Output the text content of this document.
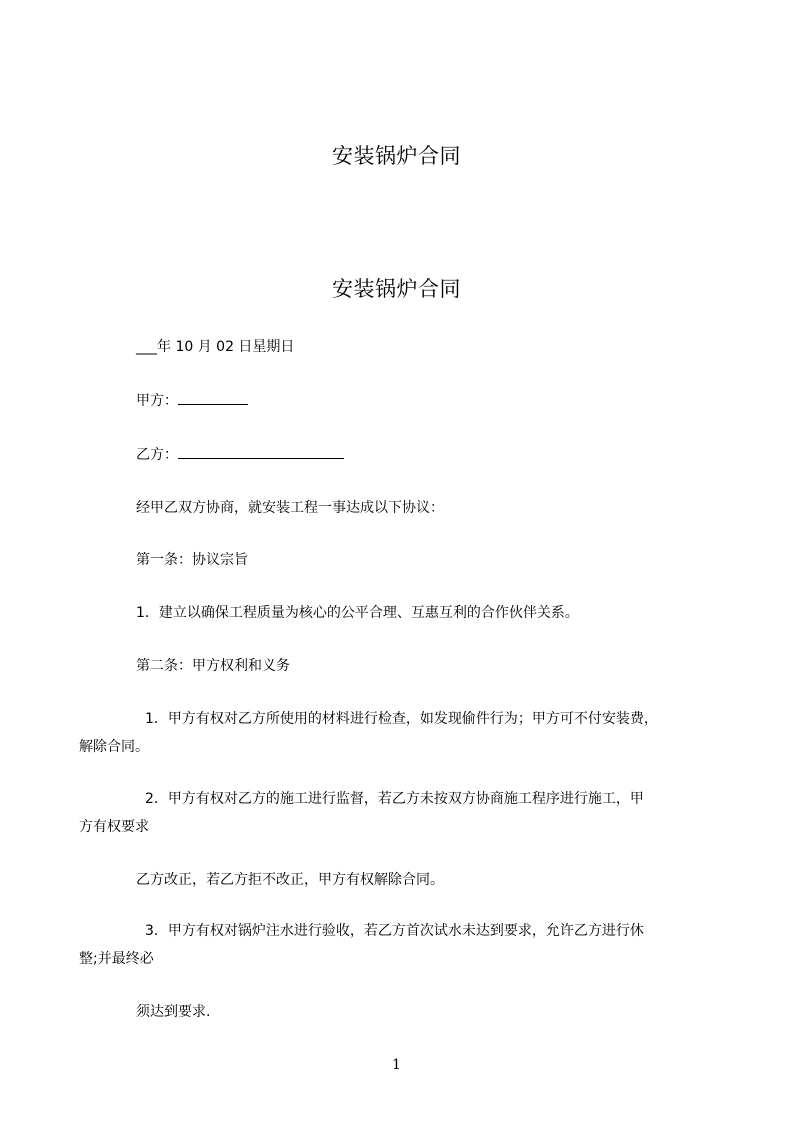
安装锅炉合同
安装锅炉合同
___年 10 月 02 日星期日
甲方：
乙方：
经甲乙双方协商，就安装工程一事达成以下协议：
第一条：协议宗旨
1．建立以确保工程质量为核心的公平合理、互惠互利的合作伙伴关系。
第二条：甲方权利和义务
1．甲方有权对乙方所使用的材料进行检查，如发现偷件行为；甲方可不付安装费，
解除合同。
2．甲方有权对乙方的施工进行监督，若乙方未按双方协商施工程序进行施工，甲
方有权要求
乙方改正，若乙方拒不改正，甲方有权解除合同。
3．甲方有权对锅炉注水进行验收，若乙方首次试水未达到要求，允许乙方进行休
整;并最终必
须达到要求.
1
